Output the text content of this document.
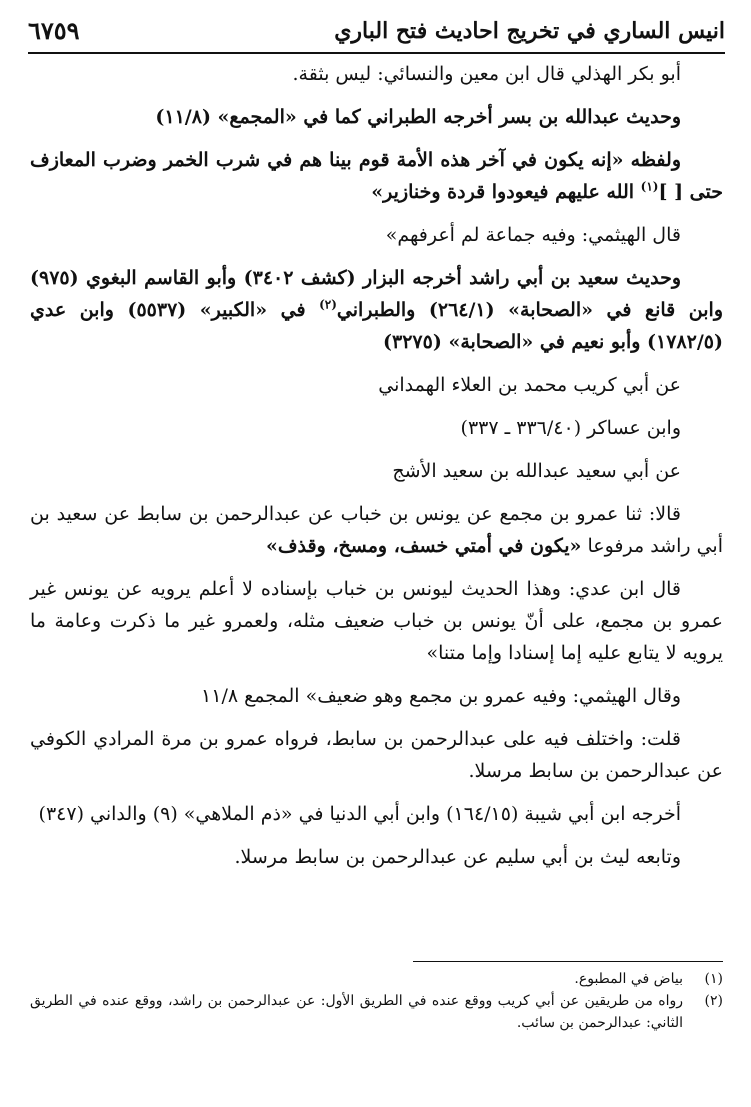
انيس الساري في تخريج احاديث فتح الباري
٦٧٥٩

أبو بكر الهذلي قال ابن معين والنسائي: ليس بثقة.

وحديث عبدالله بن بسر أخرجه الطبراني كما في «المجمع» (١١/٨)

ولفظه «إنه يكون في آخر هذه الأمة قوم بينا هم في شرب الخمر وضرب المعازف حتى [ ]$^{(١)}$ الله عليهم فيعودوا قردة وخنازير»

قال الهيثمي: وفيه جماعة لم أعرفهم»

وحديث سعيد بن أبي راشد أخرجه البزار (كشف ٣٤٠٢) وأبو القاسم البغوي (٩٧٥) وابن قانع في «الصحابة» (٢٦٤/١) والطبراني$^{(٢)}$ في «الكبير» (٥٥٣٧) وابن عدي (١٧٨٢/٥) وأبو نعيم في «الصحابة» (٣٢٧٥)

عن أبي كريب محمد بن العلاء الهمداني

وابن عساكر (٣٣٦/٤٠ ـ ٣٣٧)

عن أبي سعيد عبدالله بن سعيد الأشج

قالا: ثنا عمرو بن مجمع عن يونس بن خباب عن عبدالرحمن بن سابط عن سعيد بن أبي راشد مرفوعا «يكون في أمتي خسف، ومسخ، وقذف»

قال ابن عدي: وهذا الحديث ليونس بن خباب بإسناده لا أعلم يرويه عن يونس غير عمرو بن مجمع، على أنّ يونس بن خباب ضعيف مثله، ولعمرو غير ما ذكرت وعامة ما يرويه لا يتابع عليه إما إسنادا وإما متنا»

وقال الهيثمي: وفيه عمرو بن مجمع وهو ضعيف» المجمع ١١/٨

قلت: واختلف فيه على عبدالرحمن بن سابط، فرواه عمرو بن مرة المرادي الكوفي عن عبدالرحمن بن سابط مرسلا.

أخرجه ابن أبي شيبة (١٦٤/١٥) وابن أبي الدنيا في «ذم الملاهي» (٩) والداني (٣٤٧)

وتابعه ليث بن أبي سليم عن عبدالرحمن بن سابط مرسلا.

(١)
بياض في المطبوع.
(٢)
رواه من طريقين عن أبي كريب ووقع عنده في الطريق الأول: عن عبدالرحمن بن راشد، ووقع عنده في الطريق الثاني: عبدالرحمن بن سائب.
